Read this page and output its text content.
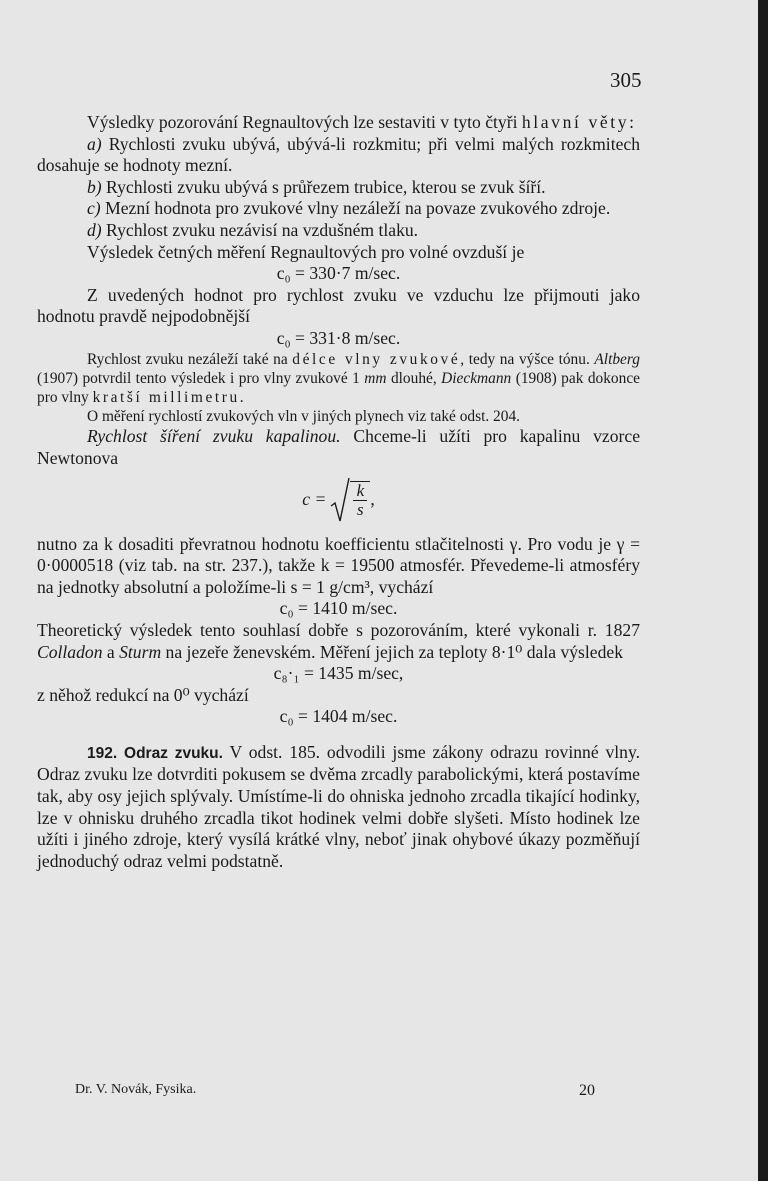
305

Výsledky pozorování Regnaultových lze sestaviti v tyto čtyři hlavní věty:

a) Rychlosti zvuku ubývá, ubývá-li rozkmitu; při velmi malých rozkmitech dosahuje se hodnoty mezní.

b) Rychlosti zvuku ubývá s průřezem trubice, kterou se zvuk šíří.

c) Mezní hodnota pro zvukové vlny nezáleží na povaze zvukového zdroje.

d) Rychlost zvuku nezávisí na vzdušném tlaku.

Výsledek četných měření Regnaultových pro volné ovzduší je

c₀ = 330·7 m/sec.

Z uvedených hodnot pro rychlost zvuku ve vzduchu lze přijmouti jako hodnotu pravdě nejpodobnější

c₀ = 331·8 m/sec.

Rychlost zvuku nezáleží také na délce vlny zvukové, tedy na výšce tónu. Altberg (1907) potvrdil tento výsledek i pro vlny zvukové 1 mm dlouhé, Dieckmann (1908) pak dokonce pro vlny kratší millimetru.

O měření rychlostí zvukových vln v jiných plynech viz také odst. 204.

Rychlost šíření zvuku kapalinou. Chceme-li užíti pro kapalinu vzorce Newtonova

$c = \frac{k}{s}$ ,

nutno za k dosaditi převratnou hodnotu koefficientu stlačitelnosti γ. Pro vodu je γ = 0·0000518 (viz tab. na str. 237.), takže k = 19500 atmosfér. Převedeme-li atmosféry na jednotky absolutní a položíme-li s = 1 g/cm³, vychází

c₀ = 1410 m/sec.

Theoretický výsledek tento souhlasí dobře s pozorováním, které vykonali r. 1827 Colladon a Sturm na jezeře ženevském. Měření jejich za teploty 8·1⁰ dala výsledek

c₈·₁ = 1435 m/sec,

z něhož redukcí na 0⁰ vychází

c₀ = 1404 m/sec.

192. Odraz zvuku. V odst. 185. odvodili jsme zákony odrazu rovinné vlny. Odraz zvuku lze dotvrditi pokusem se dvěma zrcadly parabolickými, která postavíme tak, aby osy jejich splývaly. Umístíme-li do ohniska jednoho zrcadla tikající hodinky, lze v ohnisku druhého zrcadla tikot hodinek velmi dobře slyšeti. Místo hodinek lze užíti i jiného zdroje, který vysílá krátké vlny, neboť jinak ohybové úkazy pozměňují jednoduchý odraz velmi podstatně.

Dr. V. Novák, Fysika.	20
